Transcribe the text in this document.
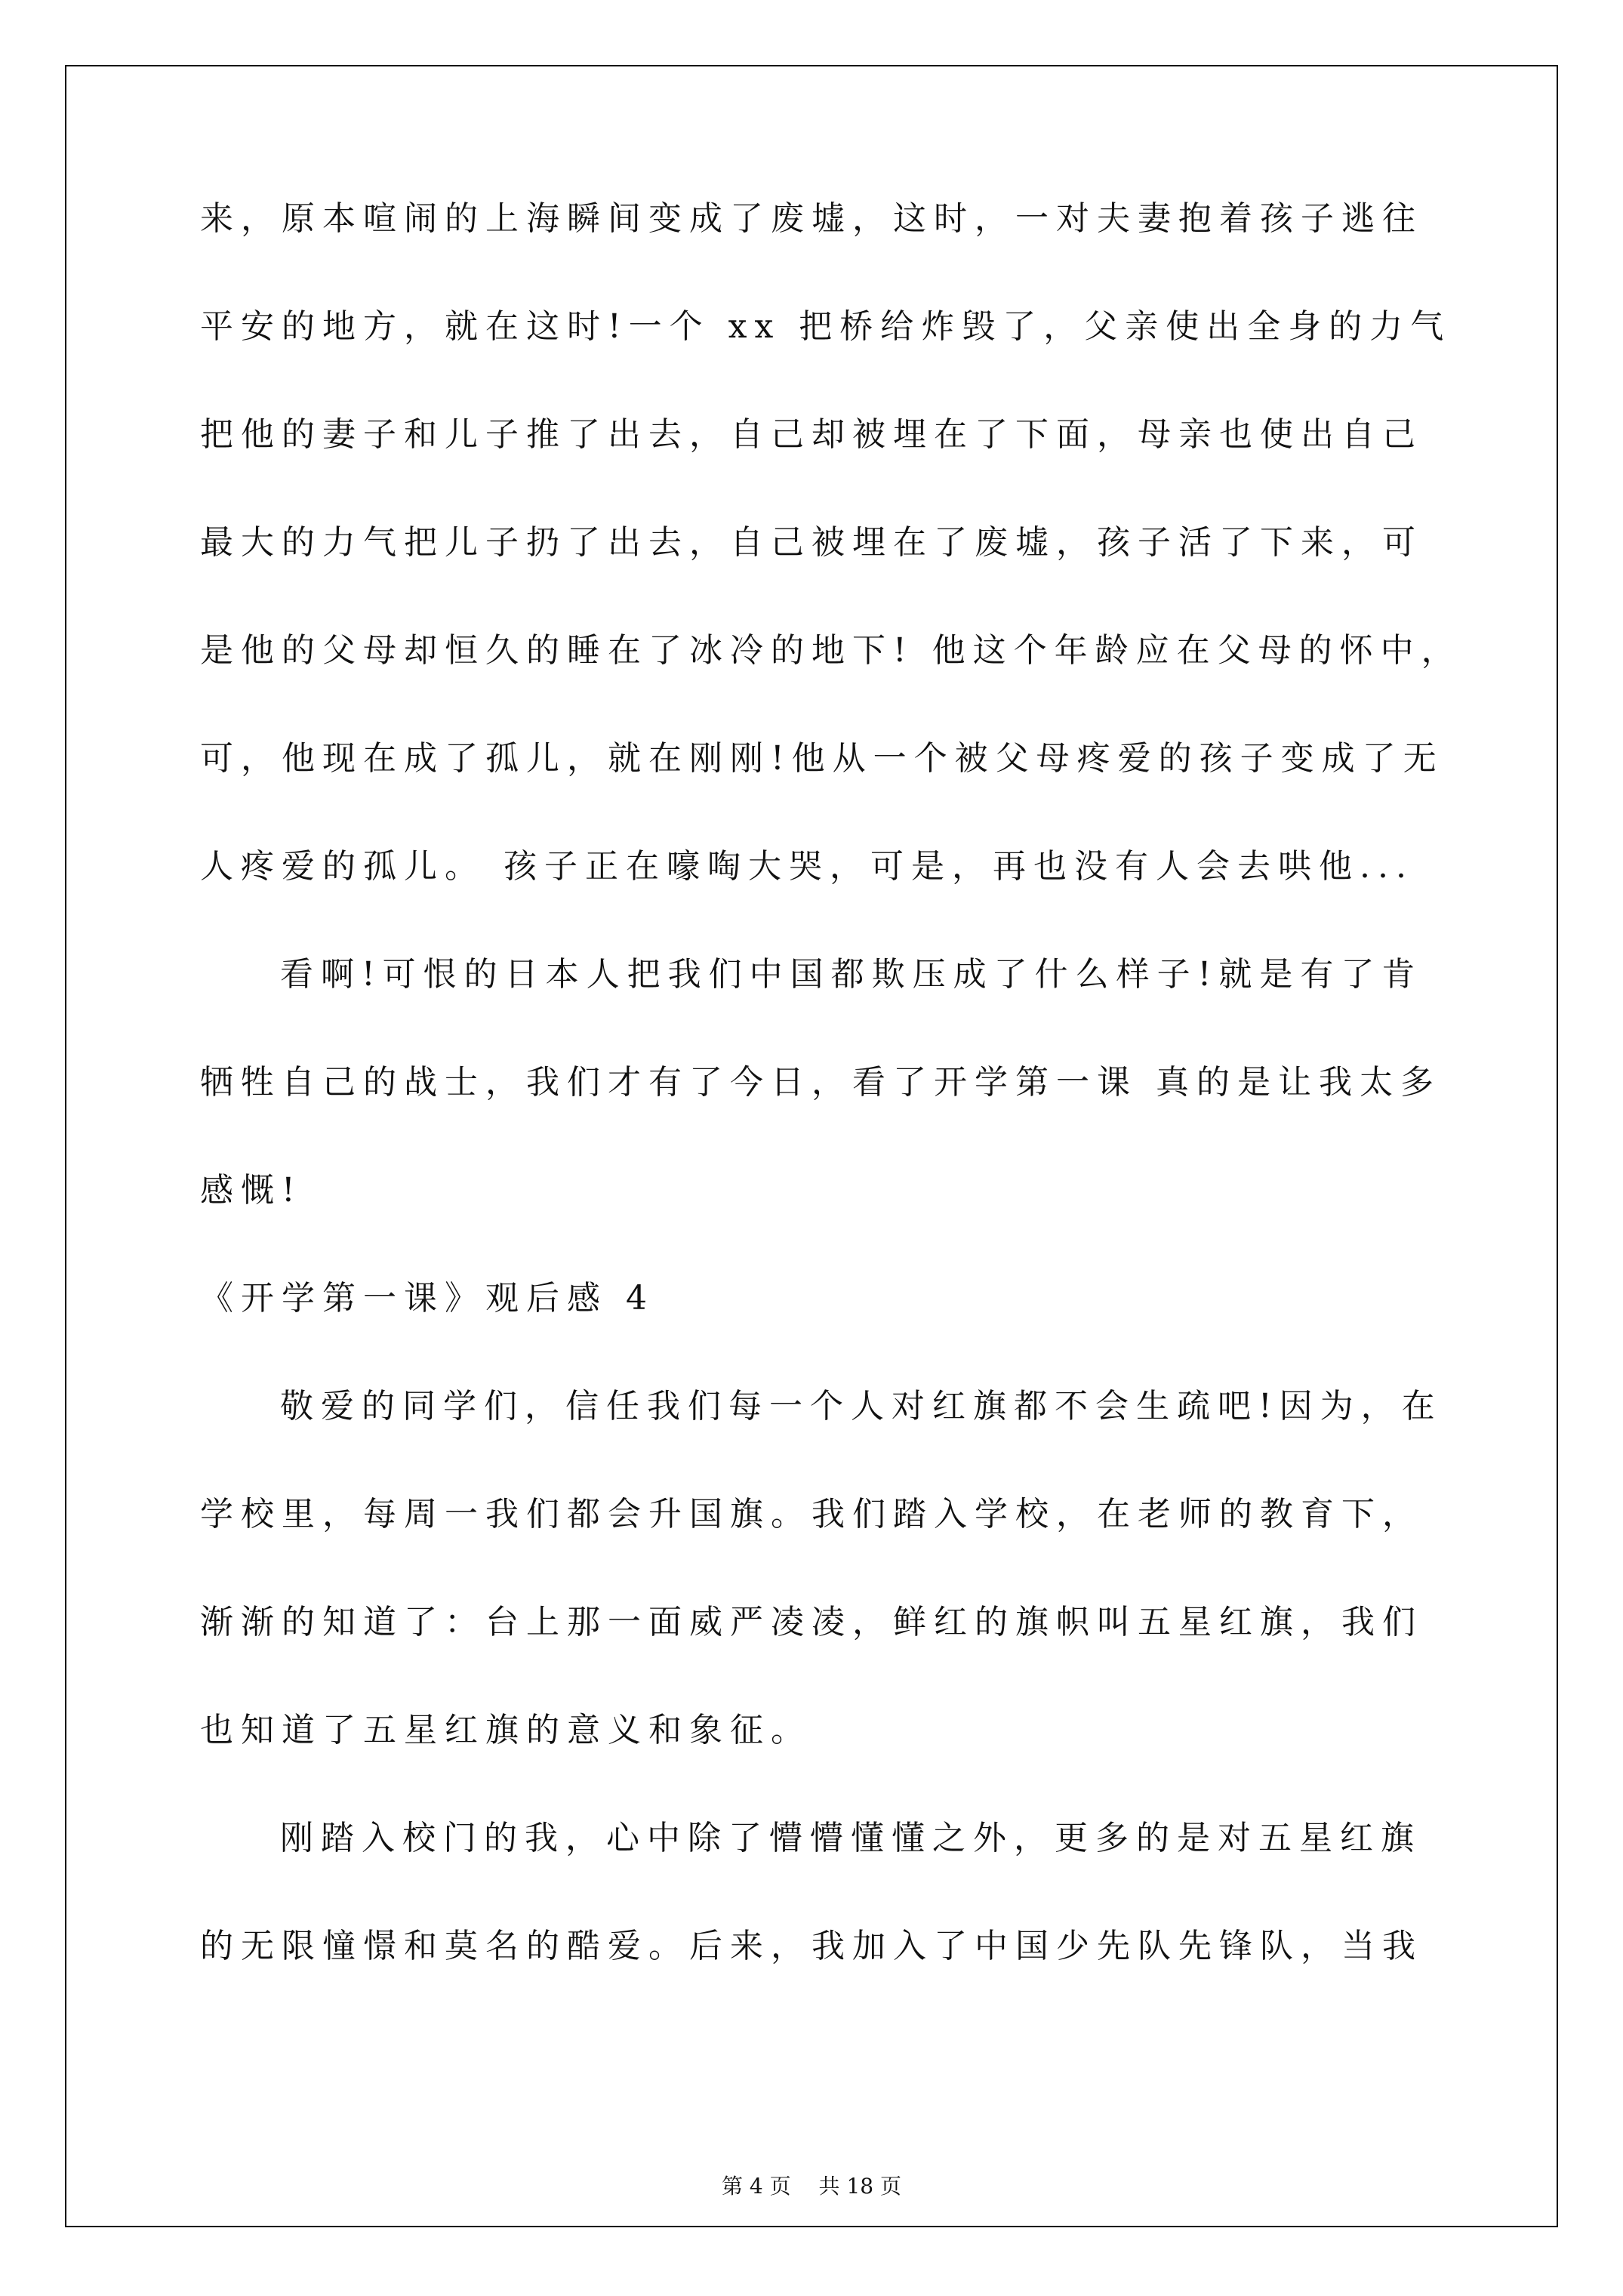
来，原本喧闹的上海瞬间变成了废墟，这时，一对夫妻抱着孩子逃往
平安的地方，就在这时!一个 xx 把桥给炸毁了，父亲使出全身的力气
把他的妻子和儿子推了出去，自己却被埋在了下面，母亲也使出自己
最大的力气把儿子扔了出去，自己被埋在了废墟，孩子活了下来，可
是他的父母却恒久的睡在了冰冷的地下! 他这个年龄应在父母的怀中，
可，他现在成了孤儿，就在刚刚!他从一个被父母疼爱的孩子变成了无
人疼爱的孤儿。 孩子正在嚎啕大哭，可是，再也没有人会去哄他...
看啊!可恨的日本人把我们中国都欺压成了什么样子!就是有了肯
牺牲自己的战士，我们才有了今日，看了开学第一课 真的是让我太多
感慨!
《开学第一课》观后感 4
敬爱的同学们，信任我们每一个人对红旗都不会生疏吧!因为，在
学校里，每周一我们都会升国旗。我们踏入学校，在老师的教育下，
渐渐的知道了：台上那一面威严凌凌，鲜红的旗帜叫五星红旗，我们
也知道了五星红旗的意义和象征。
刚踏入校门的我，心中除了懵懵懂懂之外，更多的是对五星红旗
的无限憧憬和莫名的酷爱。后来，我加入了中国少先队先锋队，当我
第 4 页 共 18 页
